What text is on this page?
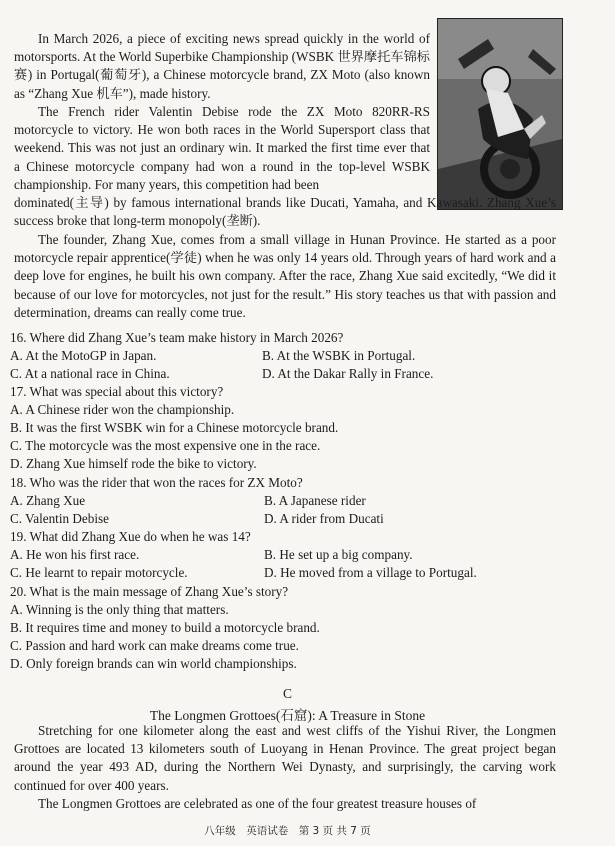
In March 2026, a piece of exciting news spread quickly in the world of motorsports. At the World Superbike Championship (WSBK 世界摩托车锦标赛) in Portugal(葡萄牙), a Chinese motorcycle brand, ZX Moto (also known as “Zhang Xue 机车”), made history.

The French rider Valentin Debise rode the ZX Moto 820RR-RS motorcycle to victory. He won both races in the World Supersport class that weekend. This was not just an ordinary win. It marked the first time ever that a Chinese motorcycle company had won a round in the top-level WSBK championship. For many years, this competition had been

dominated(主导) by famous international brands like Ducati, Yamaha, and Kawasaki. Zhang Xue’s success broke that long-term monopoly(垄断).

The founder, Zhang Xue, comes from a small village in Hunan Province. He started as a poor motorcycle repair apprentice(学徒) when he was only 14 years old. Through years of hard work and a deep love for engines, he built his own company. After the race, Zhang Xue said excitedly, “We did it because of our love for motorcycles, not just for the result.” His story teaches us that with passion and determination, dreams can really come true.

16. Where did Zhang Xue’s team make history in March 2026?

A. At the MotoGP in Japan.	B. At the WSBK in Portugal.

C. At a national race in China.	D. At the Dakar Rally in France.

17. What was special about this victory?

A. A Chinese rider won the championship.

B. It was the first WSBK win for a Chinese motorcycle brand.

C. The motorcycle was the most expensive one in the race.

D. Zhang Xue himself rode the bike to victory.

18. Who was the rider that won the races for ZX Moto?

A. Zhang Xue	B. A Japanese rider

C. Valentin Debise	D. A rider from Ducati

19. What did Zhang Xue do when he was 14?

A. He won his first race.	B. He set up a big company.

C. He learnt to repair motorcycle.	D. He moved from a village to Portugal.

20. What is the main message of Zhang Xue’s story?

A. Winning is the only thing that matters.

B. It requires time and money to build a motorcycle brand.

C. Passion and hard work can make dreams come true.

D. Only foreign brands can win world championships.

C
The Longmen Grottoes(石窟): A Treasure in Stone

Stretching for one kilometer along the east and west cliffs of the Yishui River, the Longmen Grottoes are located 13 kilometers south of Luoyang in Henan Province. The great project began around the year 493 AD, during the Northern Wei Dynasty, and surprisingly, the carving work continued for over 400 years.

The Longmen Grottoes are celebrated as one of the four greatest treasure houses of

八年级　英语试卷　第 3 页 共 7 页
